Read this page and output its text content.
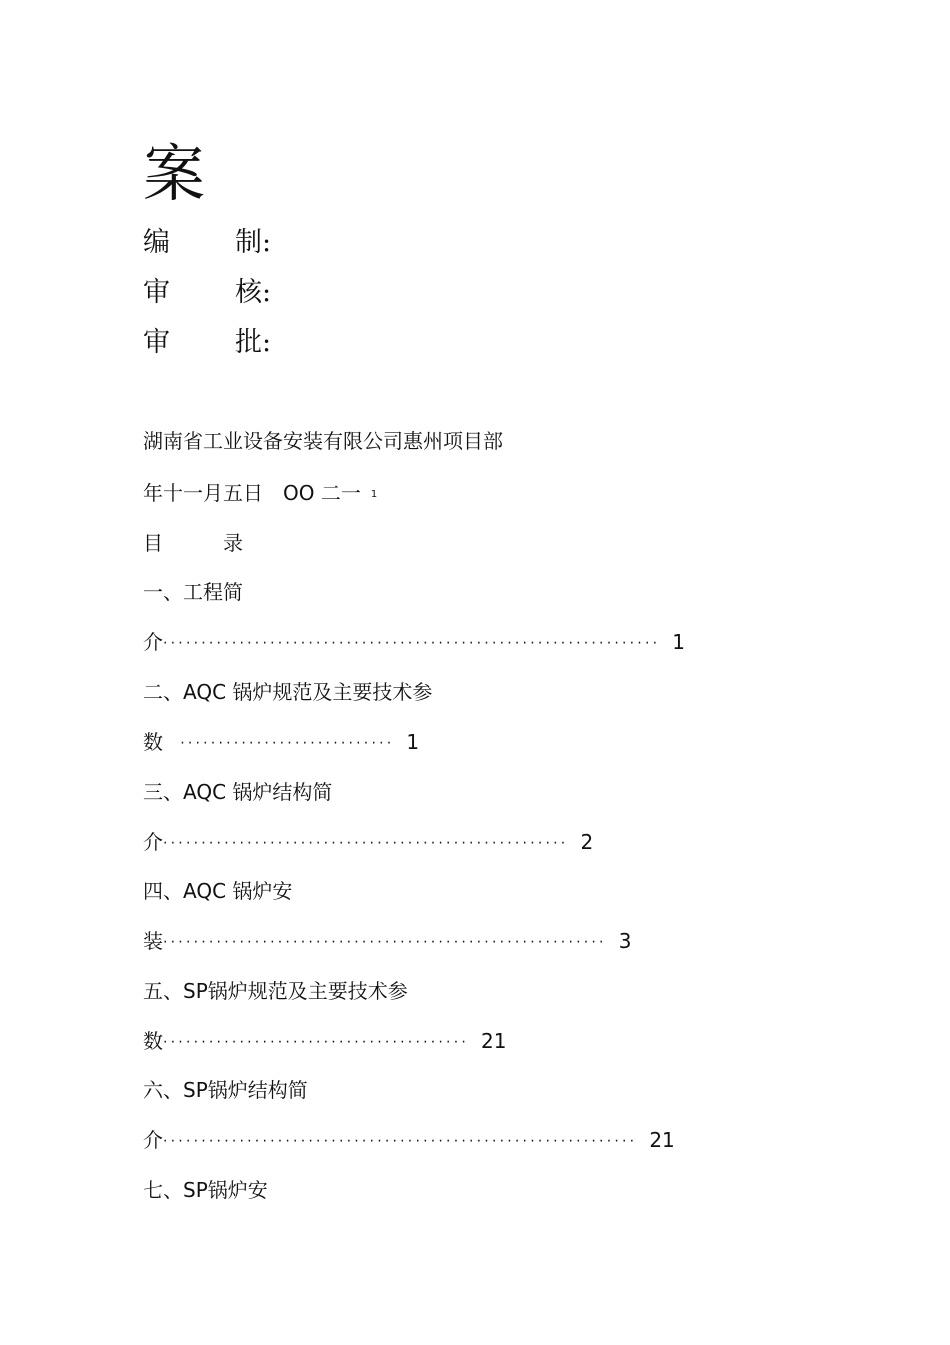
案
编 制:
审 核:
审 批:
湖南省工业设备安装有限公司惠州项目部
年十一月五日　OO 二一 1
目	录
一、工程简
介································································· 1
二、AQC 锅炉规范及主要技术参
数　···························· 1
三、AQC 锅炉结构简
介····················································· 2
四、AQC 锅炉安
装·························································· 3
五、SP锅炉规范及主要技术参
数········································ 21
六、SP锅炉结构简
介······························································ 21
七、SP锅炉安
